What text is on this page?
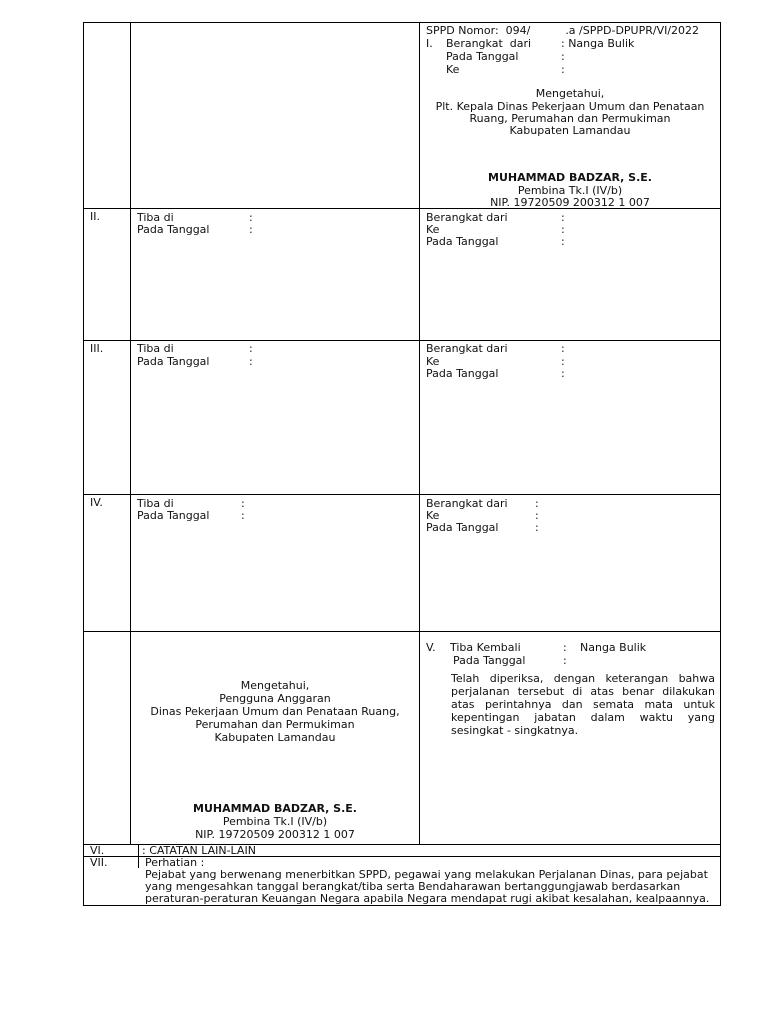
SPPD Nomor:  094/          .a /SPPD-DPUPR/VI/2022
I. Berangkat  dari	: Nanga Bulik
Pada Tanggal	:
Ke	:
Mengetahui,
Plt. Kepala Dinas Pekerjaan Umum dan Penataan
Ruang, Perumahan dan Permukiman
Kabupaten Lamandau
MUHAMMAD BADZAR, S.E.
Pembina Tk.I (IV/b)
NIP. 19720509 200312 1 007
II.	Tiba di	:
Pada Tanggal	:
Berangkat dari	:
Ke	:
Pada Tanggal	:
III.	Tiba di	:
Pada Tanggal	:
Berangkat dari	:
Ke	:
Pada Tanggal	:
IV.	Tiba di	:
Pada Tanggal	:
Berangkat dari :
Ke	:
Pada Tanggal	:
Mengetahui,
Pengguna Anggaran
Dinas Pekerjaan Umum dan Penataan Ruang,
Perumahan dan Permukiman
Kabupaten Lamandau
MUHAMMAD BADZAR, S.E.
Pembina Tk.I (IV/b)
NIP. 19720509 200312 1 007
V. Tiba Kembali	: Nanga Bulik
Pada Tanggal	:
Telah diperiksa, dengan keterangan bahwa
perjalanan tersebut di atas benar dilakukan
atas perintahnya dan semata mata untuk
kepentingan jabatan dalam waktu yang
sesingkat - singkatnya.
VI.	: CATATAN LAIN-LAIN
VII.	Perhatian :
Pejabat yang berwenang menerbitkan SPPD, pegawai yang melakukan Perjalanan Dinas, para pejabat
yang mengesahkan tanggal berangkat/tiba serta Bendaharawan bertanggungjawab berdasarkan
peraturan-peraturan Keuangan Negara apabila Negara mendapat rugi akibat kesalahan, kealpaannya.
